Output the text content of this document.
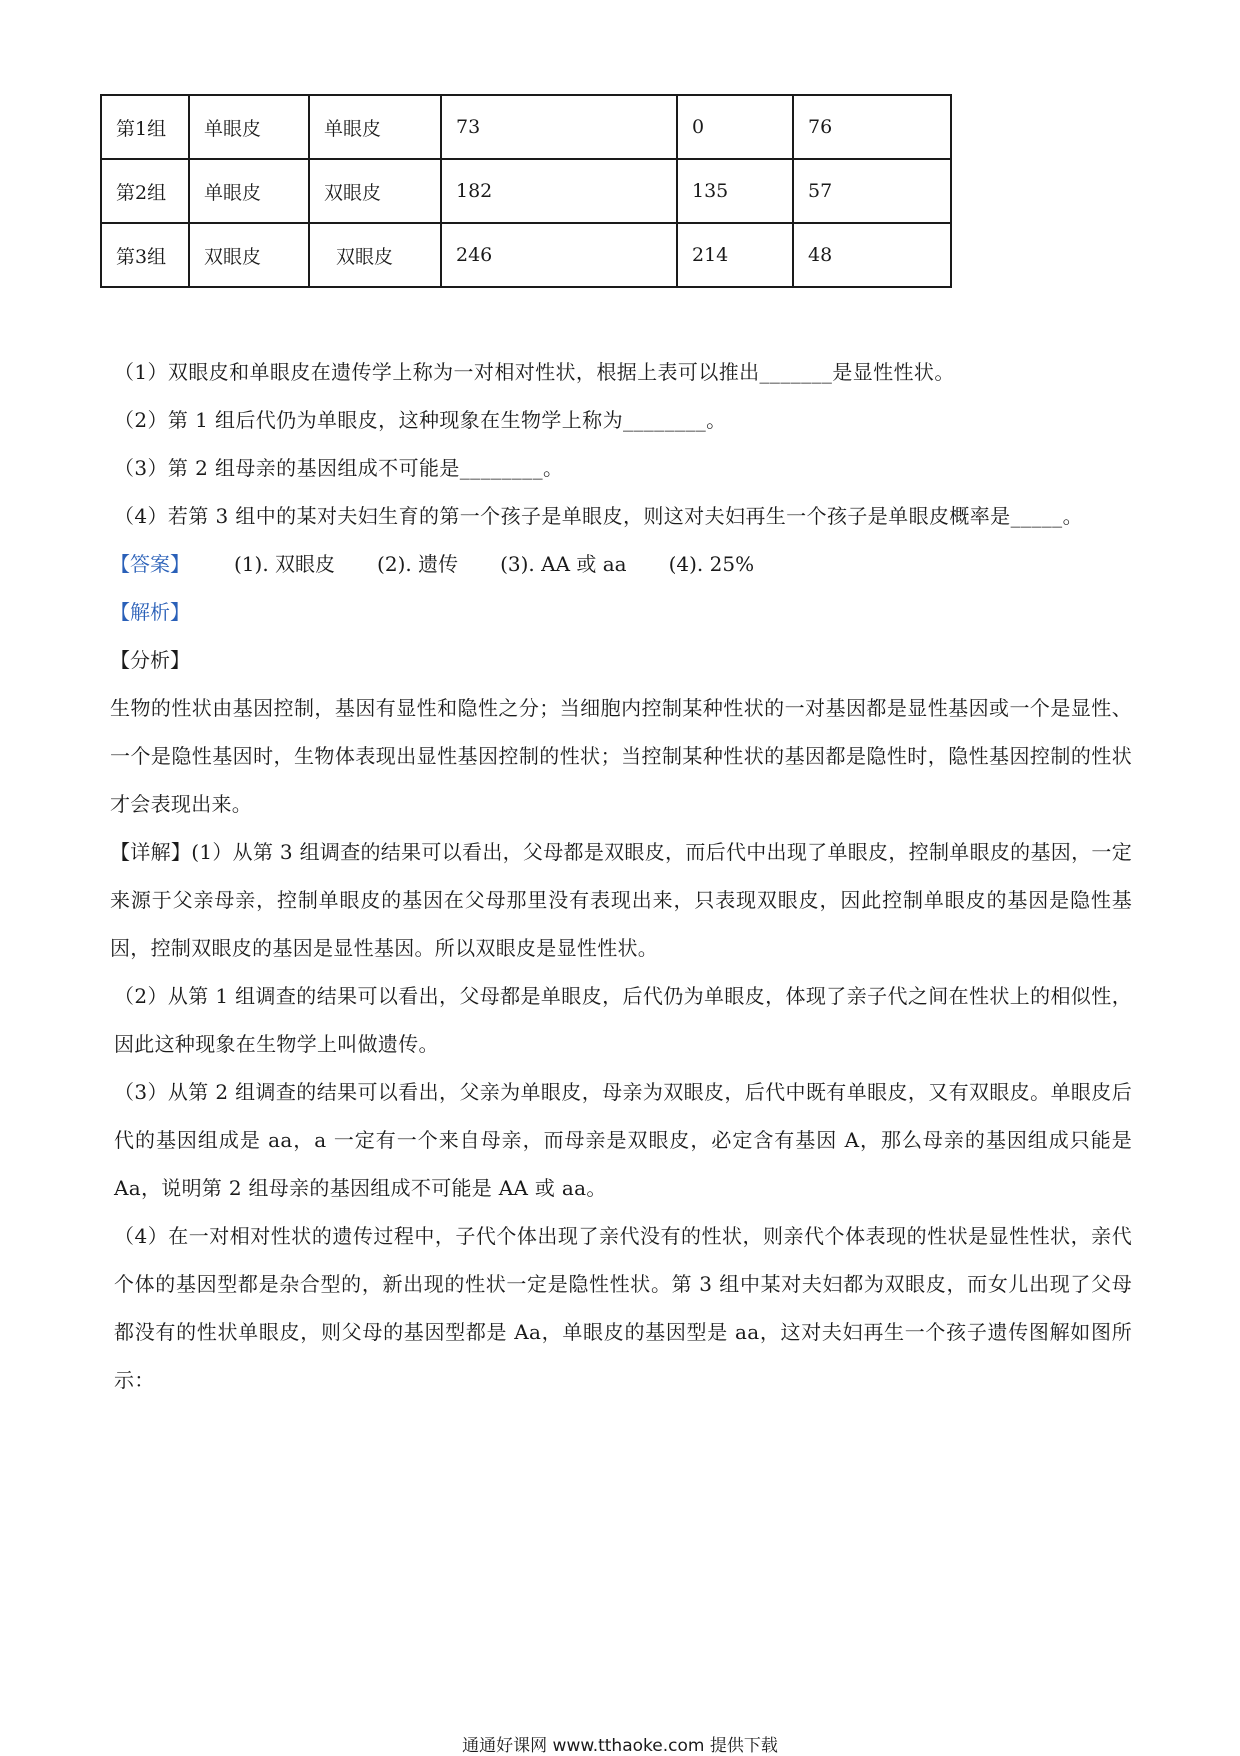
第1组	单眼皮	单眼皮	73	0	76
第2组	单眼皮	双眼皮	182	135	57
第3组	双眼皮	双眼皮	246	214	48

（1）双眼皮和单眼皮在遗传学上称为一对相对性状，根据上表可以推出_______是显性性状。

（2）第 1 组后代仍为单眼皮，这种现象在生物学上称为________。

（3）第 2 组母亲的基因组成不可能是________。

（4）若第 3 组中的某对夫妇生育的第一个孩子是单眼皮，则这对夫妇再生一个孩子是单眼皮概率是_____。

【答案】 (1). 双眼皮 (2). 遗传 (3). AA 或 aa (4). 25%
【解析】
【分析】

生物的性状由基因控制，基因有显性和隐性之分；当细胞内控制某种性状的一对基因都是显性基因或一个是显性、一个是隐性基因时，生物体表现出显性基因控制的性状；当控制某种性状的基因都是隐性时，隐性基因控制的性状才会表现出来。

【详解】(1）从第 3 组调查的结果可以看出，父母都是双眼皮，而后代中出现了单眼皮，控制单眼皮的基因，一定来源于父亲母亲，控制单眼皮的基因在父母那里没有表现出来，只表现双眼皮，因此控制单眼皮的基因是隐性基因，控制双眼皮的基因是显性基因。所以双眼皮是显性性状。

（2）从第 1 组调查的结果可以看出，父母都是单眼皮，后代仍为单眼皮，体现了亲子代之间在性状上的相似性，因此这种现象在生物学上叫做遗传。

（3）从第 2 组调查的结果可以看出，父亲为单眼皮，母亲为双眼皮，后代中既有单眼皮，又有双眼皮。单眼皮后代的基因组成是 aa，a 一定有一个来自母亲，而母亲是双眼皮，必定含有基因 A，那么母亲的基因组成只能是 Aa，说明第 2 组母亲的基因组成不可能是 AA 或 aa。

（4）在一对相对性状的遗传过程中，子代个体出现了亲代没有的性状，则亲代个体表现的性状是显性性状，亲代个体的基因型都是杂合型的，新出现的性状一定是隐性性状。第 3 组中某对夫妇都为双眼皮，而女儿出现了父母都没有的性状单眼皮，则父母的基因型都是 Aa，单眼皮的基因型是 aa，这对夫妇再生一个孩子遗传图解如图所示：

通通好课网 www.tthaoke.com 提供下载
